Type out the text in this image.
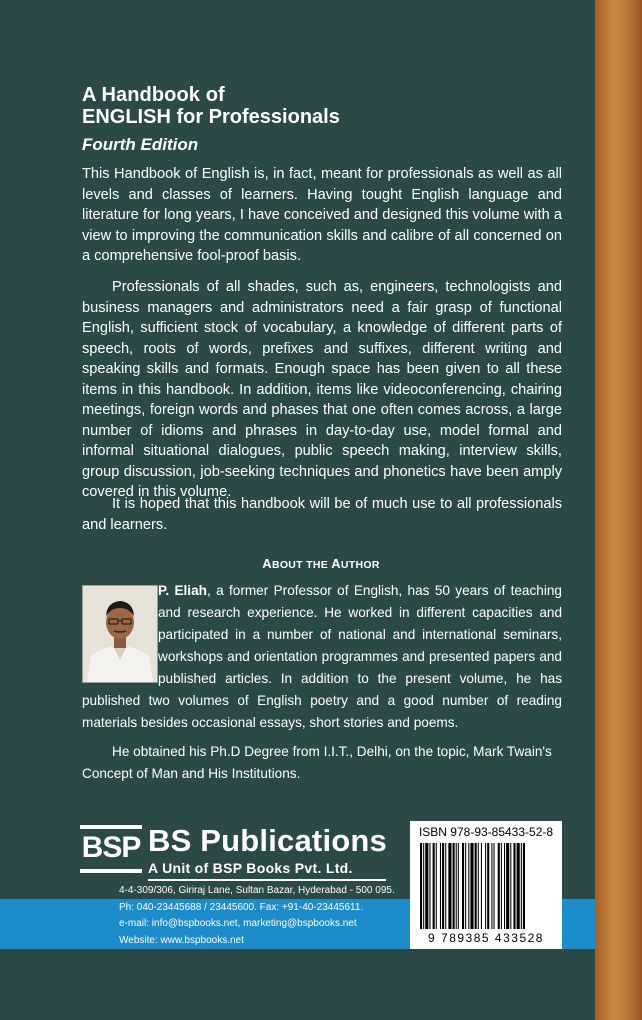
A Handbook of
ENGLISH for Professionals
Fourth Edition

This Handbook of English is, in fact, meant for professionals as well as all levels and classes of learners. Having tought English language and literature for long years, I have conceived and designed this volume with a view to improving the communication skills and calibre of all concerned on a comprehensive fool-proof basis.

Professionals of all shades, such as, engineers, technologists and business managers and administrators need a fair grasp of functional English, sufficient stock of vocabulary, a knowledge of different parts of speech, roots of words, prefixes and suffixes, different writing and speaking skills and formats. Enough space has been given to all these items in this handbook. In addition, items like videoconferencing, chairing meetings, foreign words and phases that one often comes across, a large number of idioms and phrases in day-to-day use, model formal and informal situational dialogues, public speech making, interview skills, group discussion, job-seeking techniques and phonetics have been amply covered in this volume.

It is hoped that this handbook will be of much use to all professionals and learners.

ABOUT THE AUTHOR

P. Eliah, a former Professor of English, has 50 years of teaching and research experience. He worked in different capacities and participated in a number of national and international seminars, workshops and orientation programmes and presented papers and published articles. In addition to the present volume, he has published two volumes of English poetry and a good number of reading materials besides occasional essays, short stories and poems.

He obtained his Ph.D Degree from I.I.T., Delhi, on the topic, Mark Twain's Concept of Man and His Institutions.

BSP BS Publications
A Unit of BSP Books Pvt. Ltd.
4-4-309/306, Giriraj Lane, Sultan Bazar, Hyderabad - 500 095.
Ph: 040-23445688 / 23445600. Fax: +91-40-23445611.
e-mail: info@bspbooks.net, marketing@bspbooks.net
Website: www.bspbooks.net
ISBN 978-93-85433-52-8
9 789385 433528
